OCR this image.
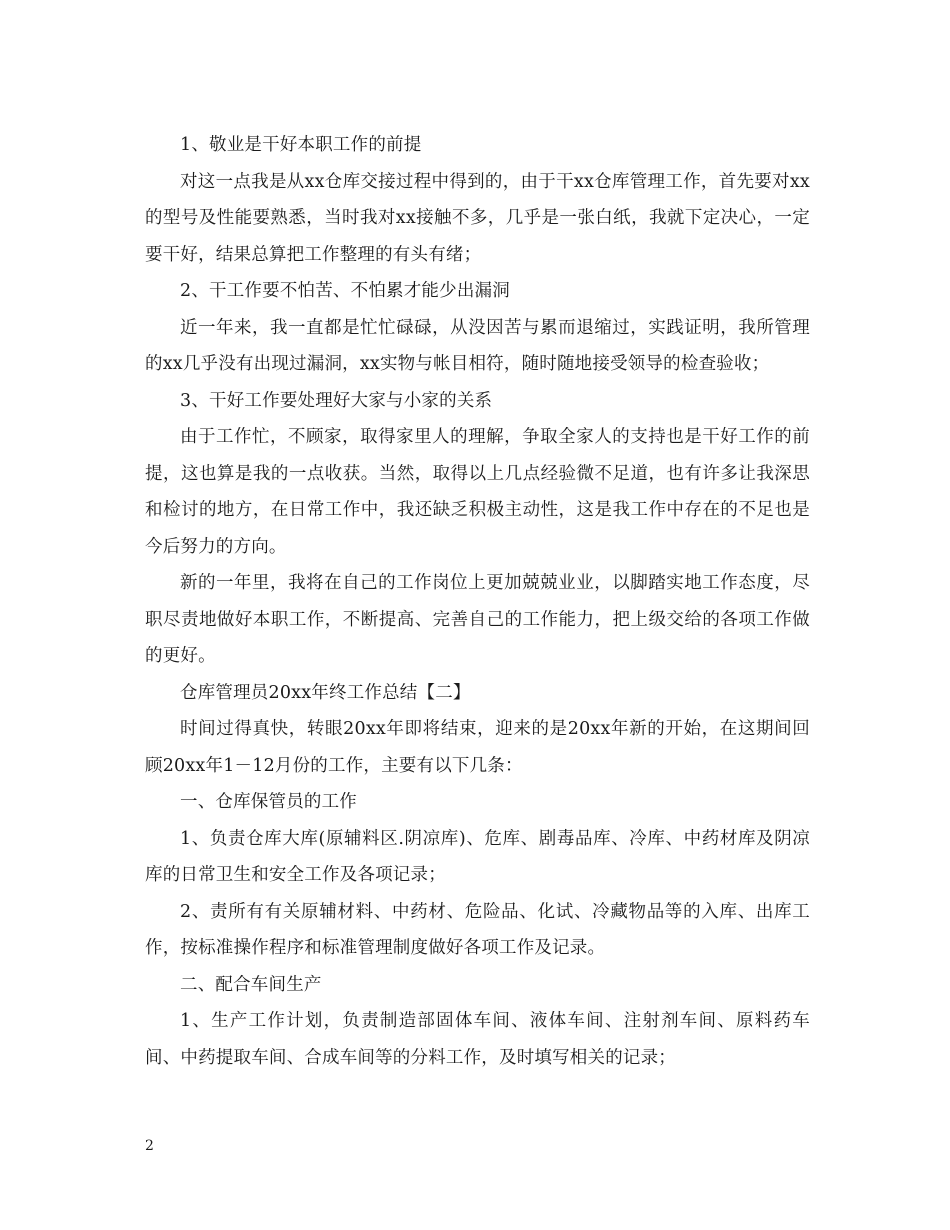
1、敬业是干好本职工作的前提

对这一点我是从xx仓库交接过程中得到的，由于干xx仓库管理工作，首先要对xx的型号及性能要熟悉，当时我对xx接触不多，几乎是一张白纸，我就下定决心，一定要干好，结果总算把工作整理的有头有绪；

2、干工作要不怕苦、不怕累才能少出漏洞

近一年来，我一直都是忙忙碌碌，从没因苦与累而退缩过，实践证明，我所管理的xx几乎没有出现过漏洞，xx实物与帐目相符，随时随地接受领导的检查验收；

3、干好工作要处理好大家与小家的关系

由于工作忙，不顾家，取得家里人的理解，争取全家人的支持也是干好工作的前提，这也算是我的一点收获。当然，取得以上几点经验微不足道，也有许多让我深思和检讨的地方，在日常工作中，我还缺乏积极主动性，这是我工作中存在的不足也是今后努力的方向。

新的一年里，我将在自己的工作岗位上更加兢兢业业，以脚踏实地工作态度，尽职尽责地做好本职工作，不断提高、完善自己的工作能力，把上级交给的各项工作做的更好。

仓库管理员20xx年终工作总结【二】

时间过得真快，转眼20xx年即将结束，迎来的是20xx年新的开始，在这期间回顾20xx年1－12月份的工作，主要有以下几条：

一、仓库保管员的工作

1、负责仓库大库(原辅料区.阴凉库)、危库、剧毒品库、冷库、中药材库及阴凉库的日常卫生和安全工作及各项记录；

2、责所有有关原辅材料、中药材、危险品、化试、冷藏物品等的入库、出库工作，按标准操作程序和标准管理制度做好各项工作及记录。

二、配合车间生产

1、生产工作计划，负责制造部固体车间、液体车间、注射剂车间、原料药车间、中药提取车间、合成车间等的分料工作，及时填写相关的记录；

2
